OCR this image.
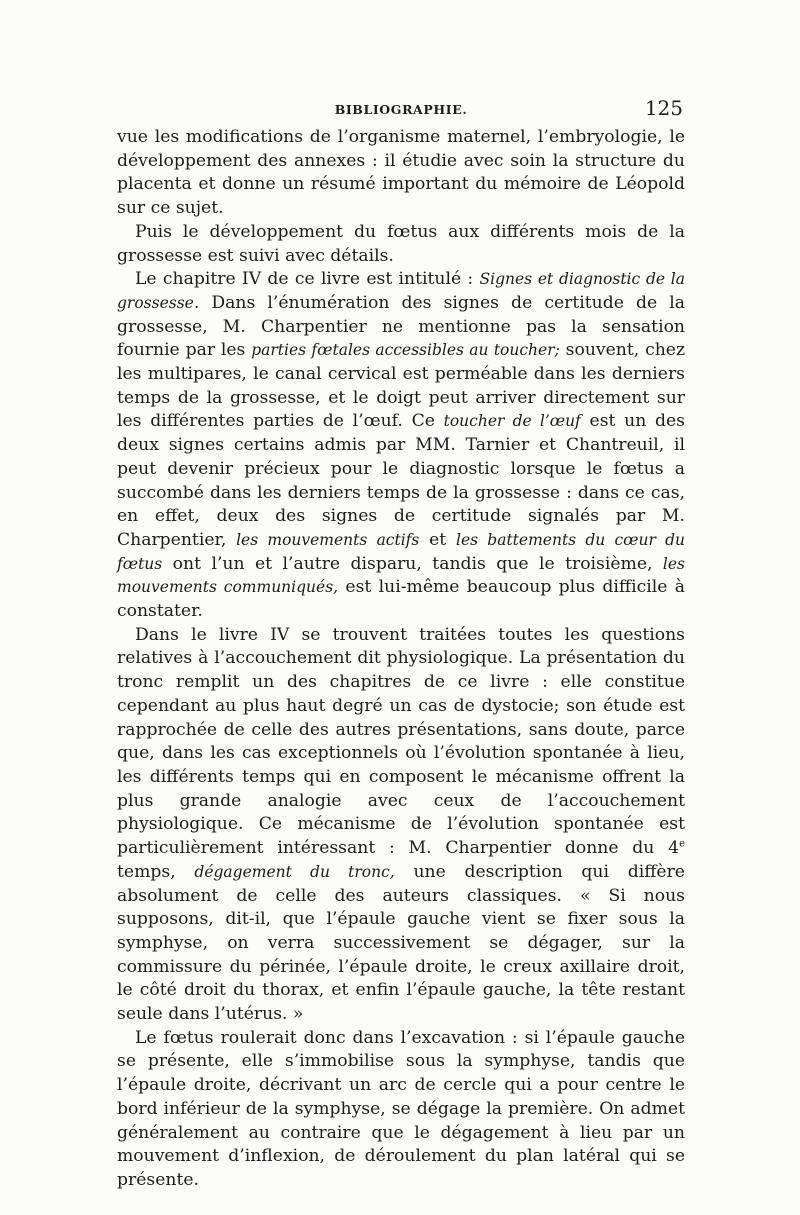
BIBLIOGRAPHIE.	125

vue les modifications de l’organisme maternel, l’embryologie, le développement des annexes : il étudie avec soin la structure du placenta et donne un résumé important du mémoire de Léopold sur ce sujet.

Puis le développement du fœtus aux différents mois de la grossesse est suivi avec détails.

Le chapitre IV de ce livre est intitulé : Signes et diagnostic de la grossesse. Dans l’énumération des signes de certitude de la grossesse, M. Charpentier ne mentionne pas la sensation fournie par les parties fœtales accessibles au toucher; souvent, chez les multipares, le canal cervical est perméable dans les derniers temps de la grossesse, et le doigt peut arriver directement sur les différentes parties de l’œuf. Ce toucher de l’œuf est un des deux signes certains admis par MM. Tarnier et Chantreuil, il peut devenir précieux pour le diagnostic lorsque le fœtus a succombé dans les derniers temps de la grossesse : dans ce cas, en effet, deux des signes de certitude signalés par M. Charpentier, les mouvements actifs et les battements du cœur du fœtus ont l’un et l’autre disparu, tandis que le troisième, les mouvements communiqués, est lui-même beaucoup plus difficile à constater.

Dans le livre IV se trouvent traitées toutes les questions relatives à l’accouchement dit physiologique. La présentation du tronc remplit un des chapitres de ce livre : elle constitue cependant au plus haut degré un cas de dystocie; son étude est rapprochée de celle des autres présentations, sans doute, parce que, dans les cas exceptionnels où l’évolution spontanée à lieu, les différents temps qui en composent le mécanisme offrent la plus grande analogie avec ceux de l’accouchement physiologique. Ce mécanisme de l’évolution spontanée est particulièrement intéressant : M. Charpentier donne du 4e temps, dégagement du tronc, une description qui diffère absolument de celle des auteurs classiques. « Si nous supposons, dit-il, que l’épaule gauche vient se fixer sous la symphyse, on verra successivement se dégager, sur la commissure du périnée, l’épaule droite, le creux axillaire droit, le côté droit du thorax, et enfin l’épaule gauche, la tête restant seule dans l’utérus. »

Le fœtus roulerait donc dans l’excavation : si l’épaule gauche se présente, elle s’immobilise sous la symphyse, tandis que l’épaule droite, décrivant un arc de cercle qui a pour centre le bord inférieur de la symphyse, se dégage la première. On admet généralement au contraire que le dégagement à lieu par un mouvement d’inflexion, de déroulement du plan latéral qui se présente.
